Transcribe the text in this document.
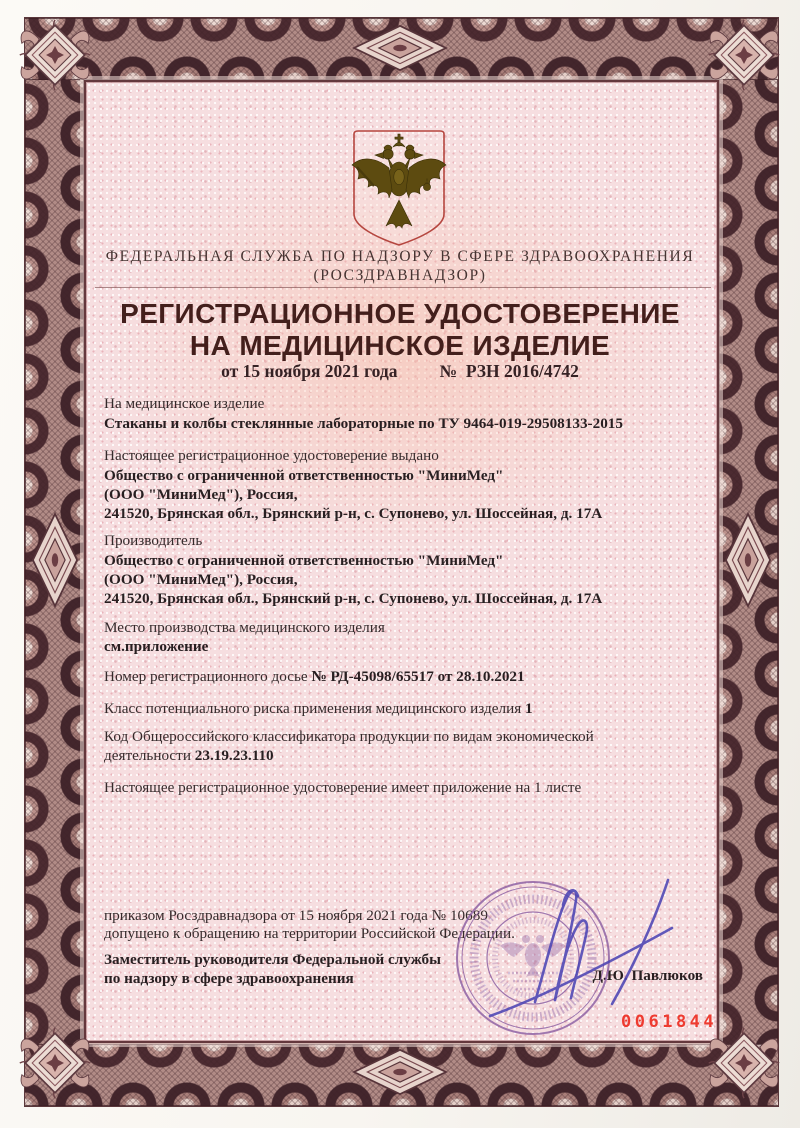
ФЕДЕРАЛЬНАЯ СЛУЖБА ПО НАДЗОРУ В СФЕРЕ ЗДРАВООХРАНЕНИЯ
(РОСЗДРАВНАДЗОР)
РЕГИСТРАЦИОННОЕ УДОСТОВЕРЕНИЕ
НА МЕДИЦИНСКОЕ ИЗДЕЛИЕ
от 15 ноября 2021 года №  РЗН 2016/4742
На медицинское изделие
Стаканы и колбы стеклянные лабораторные по ТУ 9464-019-29508133-2015
Настоящее регистрационное удостоверение выдано
Общество с ограниченной ответственностью "МиниМед"
(ООО "МиниМед"), Россия,
241520, Брянская обл., Брянский р-н, с. Супонево, ул. Шоссейная, д. 17А
Производитель
Общество с ограниченной ответственностью "МиниМед"
(ООО "МиниМед"), Россия,
241520, Брянская обл., Брянский р-н, с. Супонево, ул. Шоссейная, д. 17А
Место производства медицинского изделия
см.приложение
Номер регистрационного досье № РД-45098/65517 от 28.10.2021
Класс потенциального риска применения медицинского изделия 1
Код Общероссийского классификатора продукции по видам экономической
деятельности 23.19.23.110
Настоящее регистрационное удостоверение имеет приложение на 1 листе
приказом Росздравнадзора от 15 ноября 2021 года № 10689
допущено к обращению на территории Российской Федерации.
Заместитель руководителя Федеральной службы
по надзору в сфере здравоохранения	Д.Ю. Павлюков
0061844
